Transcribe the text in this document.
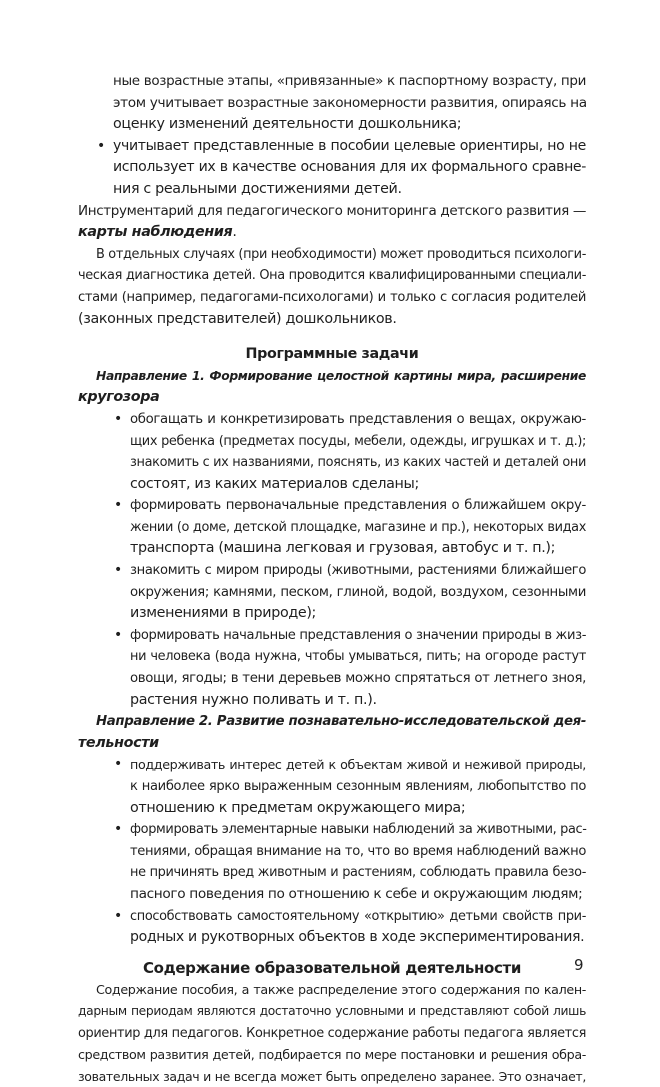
ные возрастные этапы, «привязанные» к паспортному возрасту, при
этом учитывает возрастные закономерности развития, опираясь на
оценку изменений деятельности дошкольника;
• учитывает представленные в пособии целевые ориентиры, но не
использует их в качестве основания для их формального сравне-
ния с реальными достижениями детей.
Инструментарий для педагогического мониторинга детского развития —
карты наблюдения.
В отдельных случаях (при необходимости) может проводиться психологи-
ческая диагностика детей. Она проводится квалифицированными специали-
стами (например, педагогами-психологами) и только с согласия родителей
(законных представителей) дошкольников.
Программные задачи
Направление 1. Формирование целостной картины мира, расширение
кругозора
• обогащать и конкретизировать представления о вещах, окружаю-
щих ребенка (предметах посуды, мебели, одежды, игрушках и т. д.);
знакомить с их названиями, пояснять, из каких частей и деталей они
состоят, из каких материалов сделаны;
• формировать первоначальные представления о ближайшем окру-
жении (о доме, детской площадке, магазине и пр.), некоторых видах
транспорта (машина легковая и грузовая, автобус и т. п.);
• знакомить с миром природы (животными, растениями ближайшего
окружения; камнями, песком, глиной, водой, воздухом, сезонными
изменениями в природе);
• формировать начальные представления о значении природы в жиз-
ни человека (вода нужна, чтобы умываться, пить; на огороде растут
овощи, ягоды; в тени деревьев можно спрятаться от летнего зноя,
растения нужно поливать и т. п.).
Направление 2. Развитие познавательно-исследовательской дея-
тельности
• поддерживать интерес детей к объектам живой и неживой природы,
к наиболее ярко выраженным сезонным явлениям, любопытство по
отношению к предметам окружающего мира;
• формировать элементарные навыки наблюдений за животными, рас-
тениями, обращая внимание на то, что во время наблюдений важно
не причинять вред животным и растениям, соблюдать правила безо-
пасного поведения по отношению к себе и окружающим людям;
• способствовать самостоятельному «открытию» детьми свойств при-
родных и рукотворных объектов в ходе экспериментирования.
Содержание образовательной деятельности
Содержание пособия, а также распределение этого содержания по кален-
дарным периодам являются достаточно условными и представляют собой лишь
ориентир для педагогов. Конкретное содержание работы педагога является
средством развития детей, подбирается по мере постановки и решения обра-
зовательных задач и не всегда может быть определено заранее. Это означает,
9
